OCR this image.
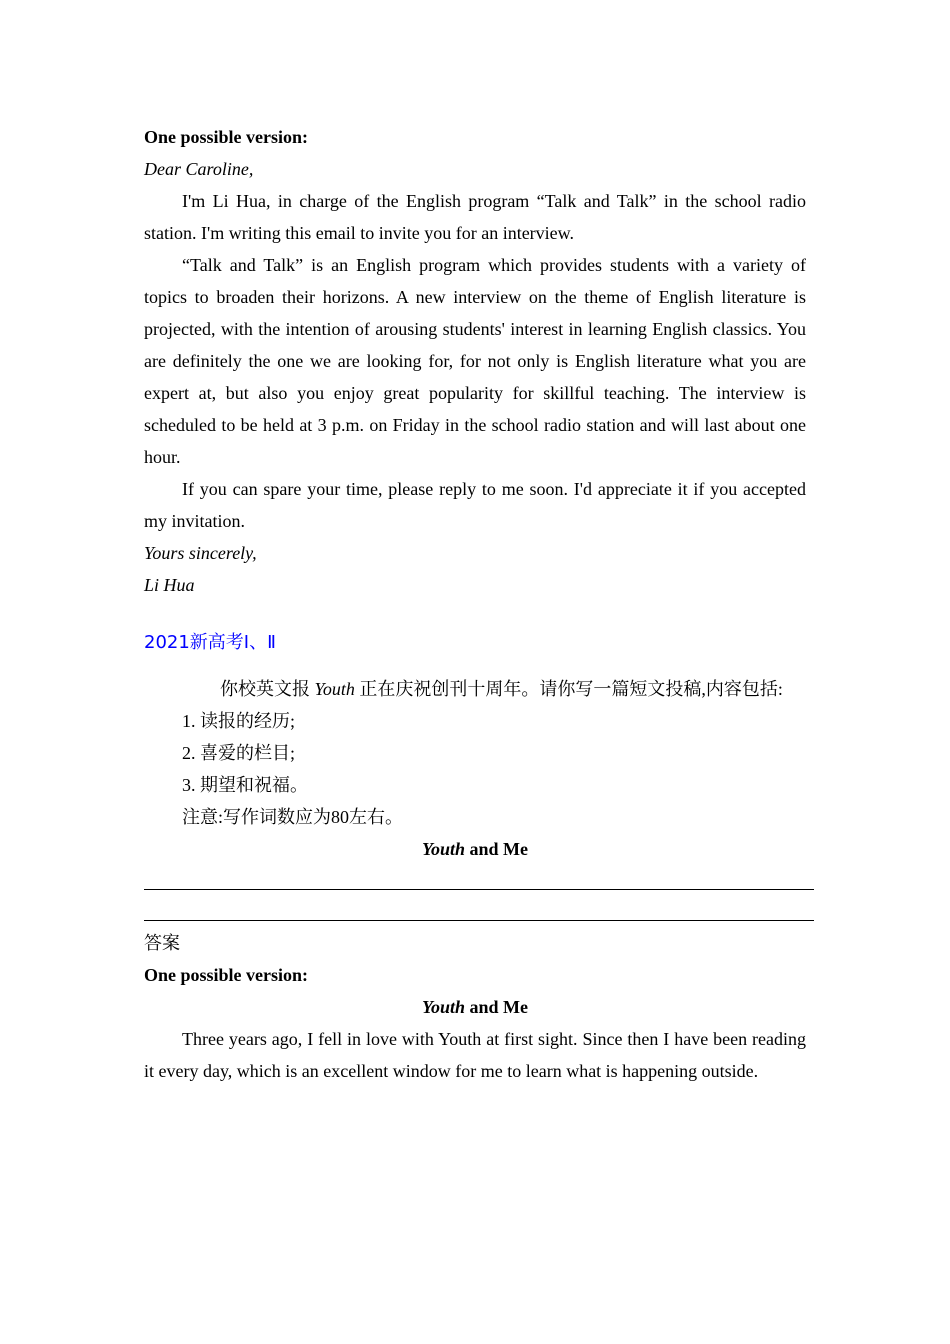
One possible version:

Dear Caroline,

I'm Li Hua, in charge of the English program “Talk and Talk” in the school radio station. I'm writing this email to invite you for an interview.

“Talk and Talk” is an English program which provides students with a variety of topics to broaden their horizons. A new interview on the theme of English literature is projected, with the intention of arousing students' interest in learning English classics. You are definitely the one we are looking for, for not only is English literature what you are expert at, but also you enjoy great popularity for skillful teaching. The interview is scheduled to be held at 3 p.m. on Friday in the school radio station and will last about one hour.

If you can spare your time, please reply to me soon. I'd appreciate it if you accepted my invitation.

Yours sincerely,

Li Hua

2021新高考Ⅰ、Ⅱ

你校英文报 Youth 正在庆祝创刊十周年。请你写一篇短文投稿,内容包括:

1. 读报的经历;

2. 喜爱的栏目;

3. 期望和祝福。

注意:写作词数应为80左右。

Youth and Me

答案

One possible version:

Youth and Me

Three years ago, I fell in love with Youth at first sight. Since then I have been reading it every day, which is an excellent window for me to learn what is happening outside.
